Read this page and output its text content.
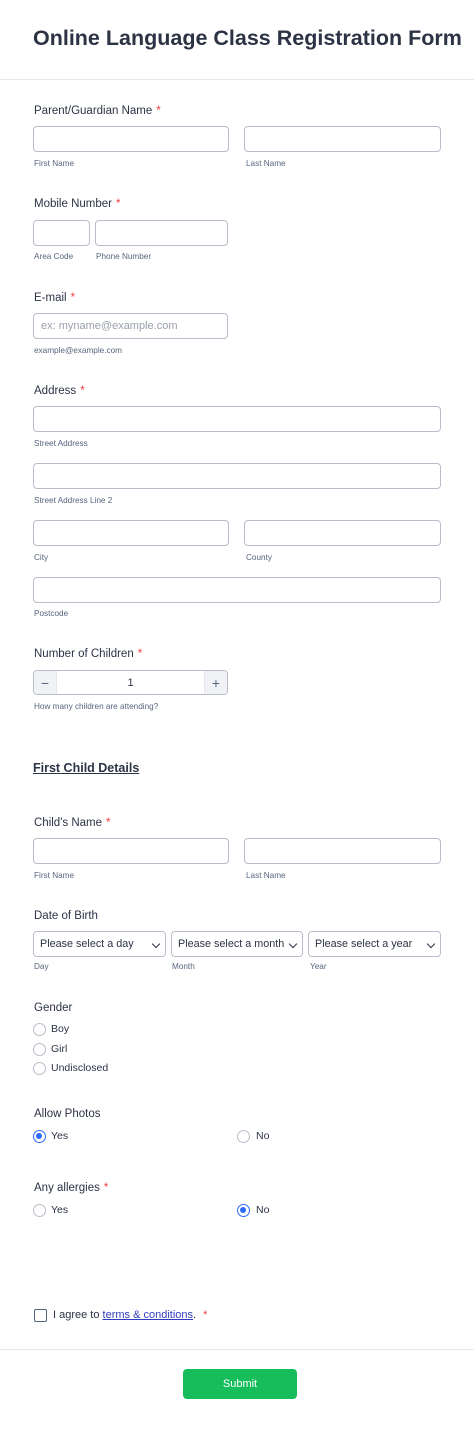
Online Language Class Registration Form
Parent/Guardian Name *
First Name	Last Name
Mobile Number *
Area Code	Phone Number
E-mail *
ex: myname@example.com
example@example.com
Address *
Street Address
Street Address Line 2
City	County
Postcode
Number of Children *
−	1	+
How many children are attending?
First Child Details
Child's Name *
First Name	Last Name
Date of Birth
Please select a day	Please select a month	Please select a year
Day	Month	Year
Gender
Boy
Girl
Undisclosed
Allow Photos
Yes	No
Any allergies *
Yes	No
I agree to terms & conditions. *
Submit
